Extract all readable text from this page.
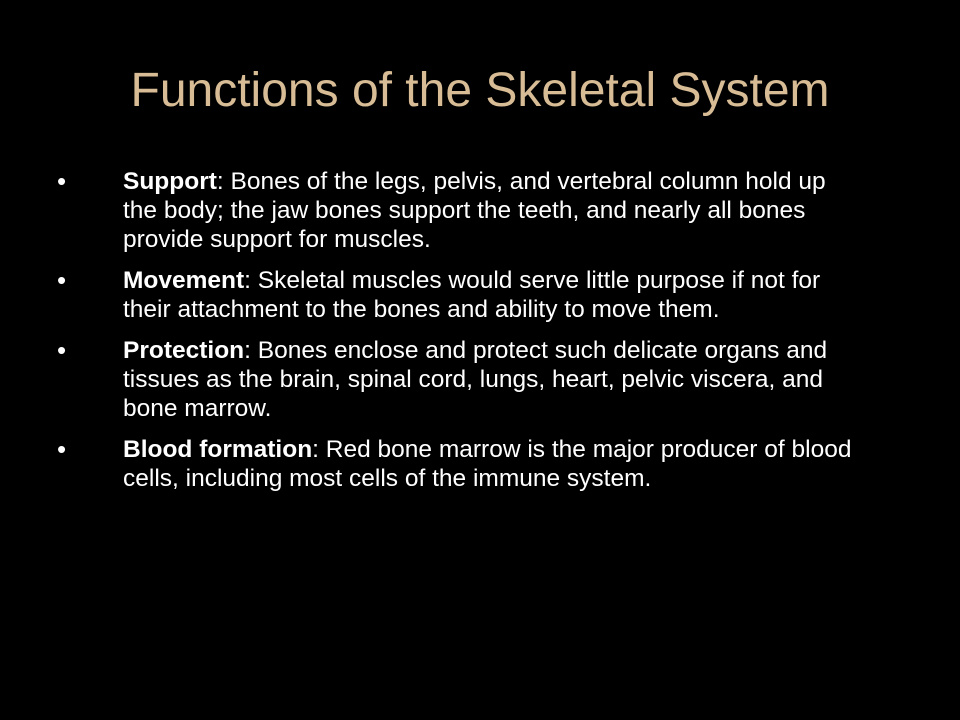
Functions of the Skeletal System
• Support: Bones of the legs, pelvis, and vertebral column hold up the body; the jaw bones support the teeth, and nearly all bones provide support for muscles.
• Movement: Skeletal muscles would serve little purpose if not for their attachment to the bones and ability to move them.
• Protection: Bones enclose and protect such delicate organs and tissues as the brain, spinal cord, lungs, heart, pelvic viscera, and bone marrow.
• Blood formation: Red bone marrow is the major producer of blood cells, including most cells of the immune system.
